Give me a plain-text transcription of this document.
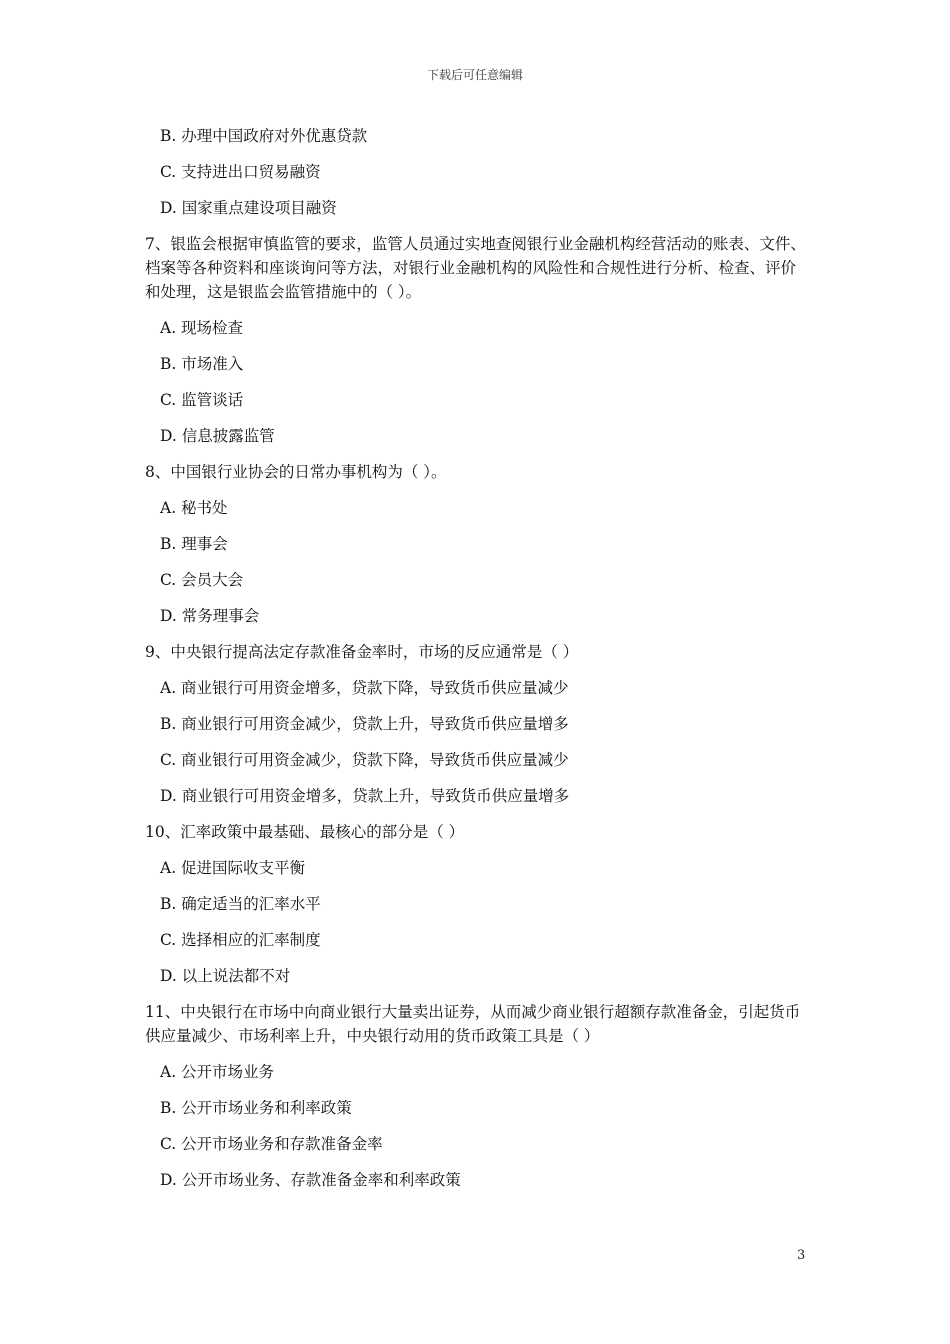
下载后可任意编辑
B. 办理中国政府对外优惠贷款
C. 支持进出口贸易融资
D. 国家重点建设项目融资
7、银监会根据审慎监管的要求，监管人员通过实地查阅银行业金融机构经营活动的账表、文件、档案等各种资料和座谈询问等方法，对银行业金融机构的风险性和合规性进行分析、检查、评价和处理，这是银监会监管措施中的（ ）。
A. 现场检查
B. 市场准入
C. 监管谈话
D. 信息披露监管
8、中国银行业协会的日常办事机构为（ ）。
A. 秘书处
B. 理事会
C. 会员大会
D. 常务理事会
9、中央银行提高法定存款准备金率时，市场的反应通常是（ ）
A. 商业银行可用资金增多，贷款下降，导致货币供应量减少
B. 商业银行可用资金减少，贷款上升，导致货币供应量增多
C. 商业银行可用资金减少，贷款下降，导致货币供应量减少
D. 商业银行可用资金增多，贷款上升，导致货币供应量增多
10、汇率政策中最基础、最核心的部分是（ ）
A. 促进国际收支平衡
B. 确定适当的汇率水平
C. 选择相应的汇率制度
D. 以上说法都不对
11、中央银行在市场中向商业银行大量卖出证券，从而减少商业银行超额存款准备金，引起货币供应量减少、市场利率上升，中央银行动用的货币政策工具是（ ）
A. 公开市场业务
B. 公开市场业务和利率政策
C. 公开市场业务和存款准备金率
D. 公开市场业务、存款准备金率和利率政策
3
